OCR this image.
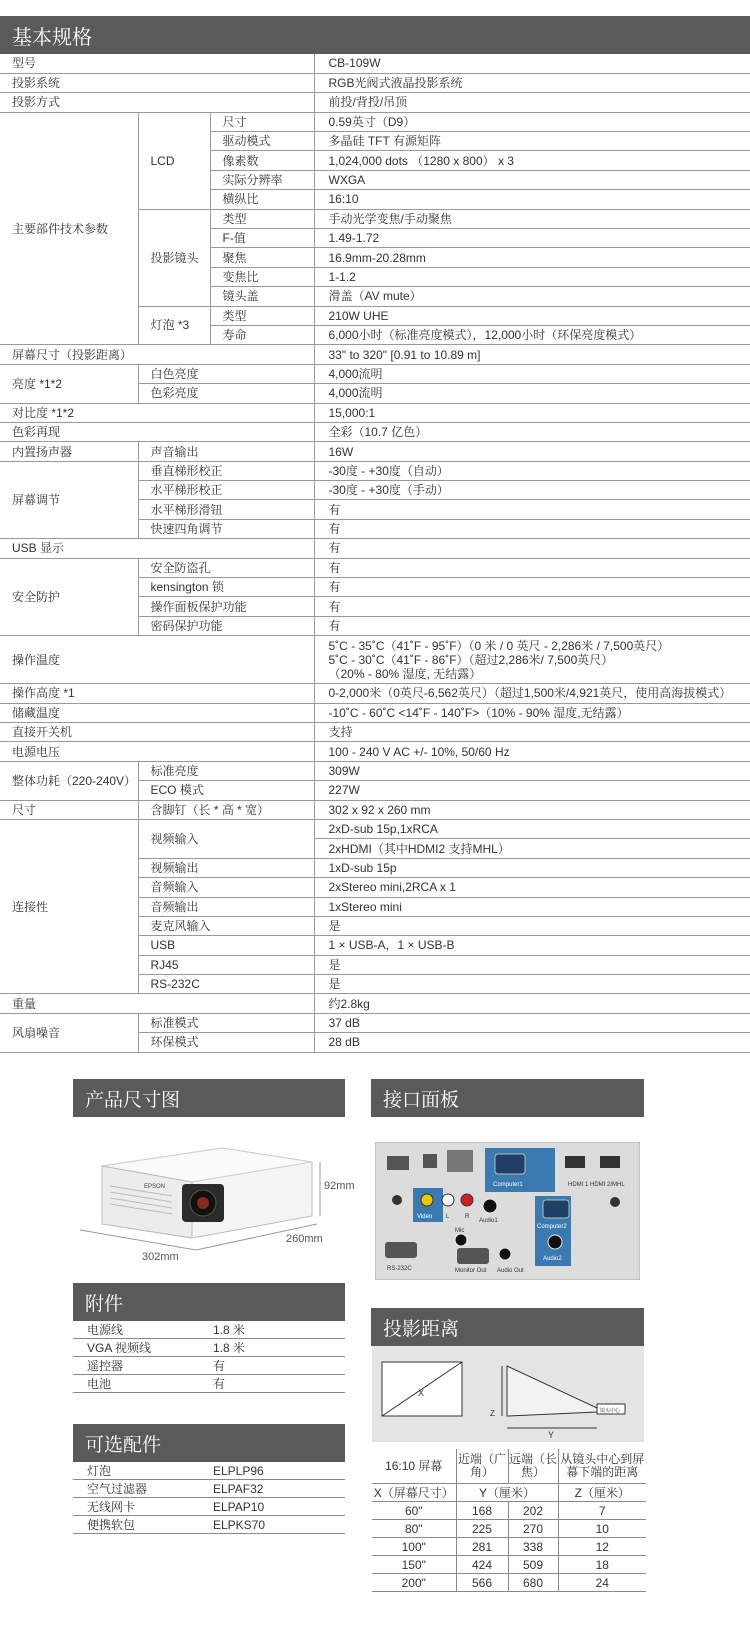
基本规格
型号			CB-109W
投影系统			RGB光阀式液晶投影系统
投影方式			前投/背投/吊顶
主要部件技术参数	LCD	尺寸	0.59英寸（D9）
		驱动模式	多晶硅 TFT 有源矩阵
		像素数	1,024,000 dots （1280 x 800） x 3
		实际分辨率	WXGA
		横纵比	16:10
	投影镜头	类型	手动光学变焦/手动聚焦
		F-值	1.49-1.72
		聚焦	16.9mm-20.28mm
		变焦比	1-1.2
		镜头盖	滑盖（AV mute）
	灯泡 *3	类型	210W UHE
		寿命	6,000小时（标准亮度模式），12,000小时（环保亮度模式）
屏幕尺寸（投影距离）			33" to 320" [0.91 to 10.89 m]
亮度 *1*2	白色亮度		4,000流明
	色彩亮度		4,000流明
对比度 *1*2			15,000:1
色彩再现			全彩（10.7 亿色）
内置扬声器	声音输出		16W
屏幕调节	垂直梯形校正		-30度 - +30度（自动）
	水平梯形校正		-30度 - +30度（手动）
	水平梯形滑钮		有
	快速四角调节		有
USB 显示			有
安全防护	安全防盗孔		有
	kensington 锁		有
	操作面板保护功能		有
	密码保护功能		有
操作温度			5˚C - 35˚C（41˚F - 95˚F）（0 米 / 0 英尺 - 2,286米 / 7,500英尺）
5˚C - 30˚C（41˚F - 86˚F）（超过2,286米/ 7,500英尺）
（20% - 80% 湿度, 无结露）

操作高度 *1			0-2,000米（0英尺-6,562英尺）（超过1,500米/4,921英尺，使用高海拔模式）
储藏温度			-10˚C - 60˚C <14˚F - 140˚F>（10% - 90% 湿度,无结露）
直接开关机			支持
电源电压			100 - 240 V AC +/- 10%, 50/60 Hz
整体功耗（220-240V）	标准亮度		309W
	ECO 模式		227W
尺寸	含脚钉（长 * 高 * 宽）		302 x 92 x 260 mm
连接性	视频输入		2xD-sub 15p,1xRCA
			2xHDMI（其中HDMI2 支持MHL）
	视频输出		1xD-sub 15p
	音频输入		2xStereo mini,2RCA x 1
	音频输出		1xStereo mini
	麦克风输入		是
	USB		1 × USB-A，1 × USB-B
	RJ45		是
	RS-232C		是
重量			约2.8kg
风扇噪音	标准模式		37 dB
	环保模式		28 dB
产品尺寸图
EPSON	92mm
260mm
302mm
接口面板
Computer1	HDMI 1 HDMI 2/MHL
Video L	R
Audio1
Computer2
Audio2
Mic
RS-232C	Monitor Out Audio Out
附件
电源线	1.8 米
VGA 视频线	1.8 米
遥控器	有
电池	有
可选配件
灯泡	ELPLP96
空气过滤器	ELPAF32
无线网卡	ELPAP10
便携软包	ELPKS70
投影距离
X
镜头中心
Y
Z
16:10 屏幕	近端（广角）	远端（长焦）	从镜头中心到屏幕下端的距离
X（屏幕尺寸）	Y（厘米）		Z（厘米）
60"	168	202	7
80"	225	270	10
100"	281	338	12
150"	424	509	18
200"	566	680	24
